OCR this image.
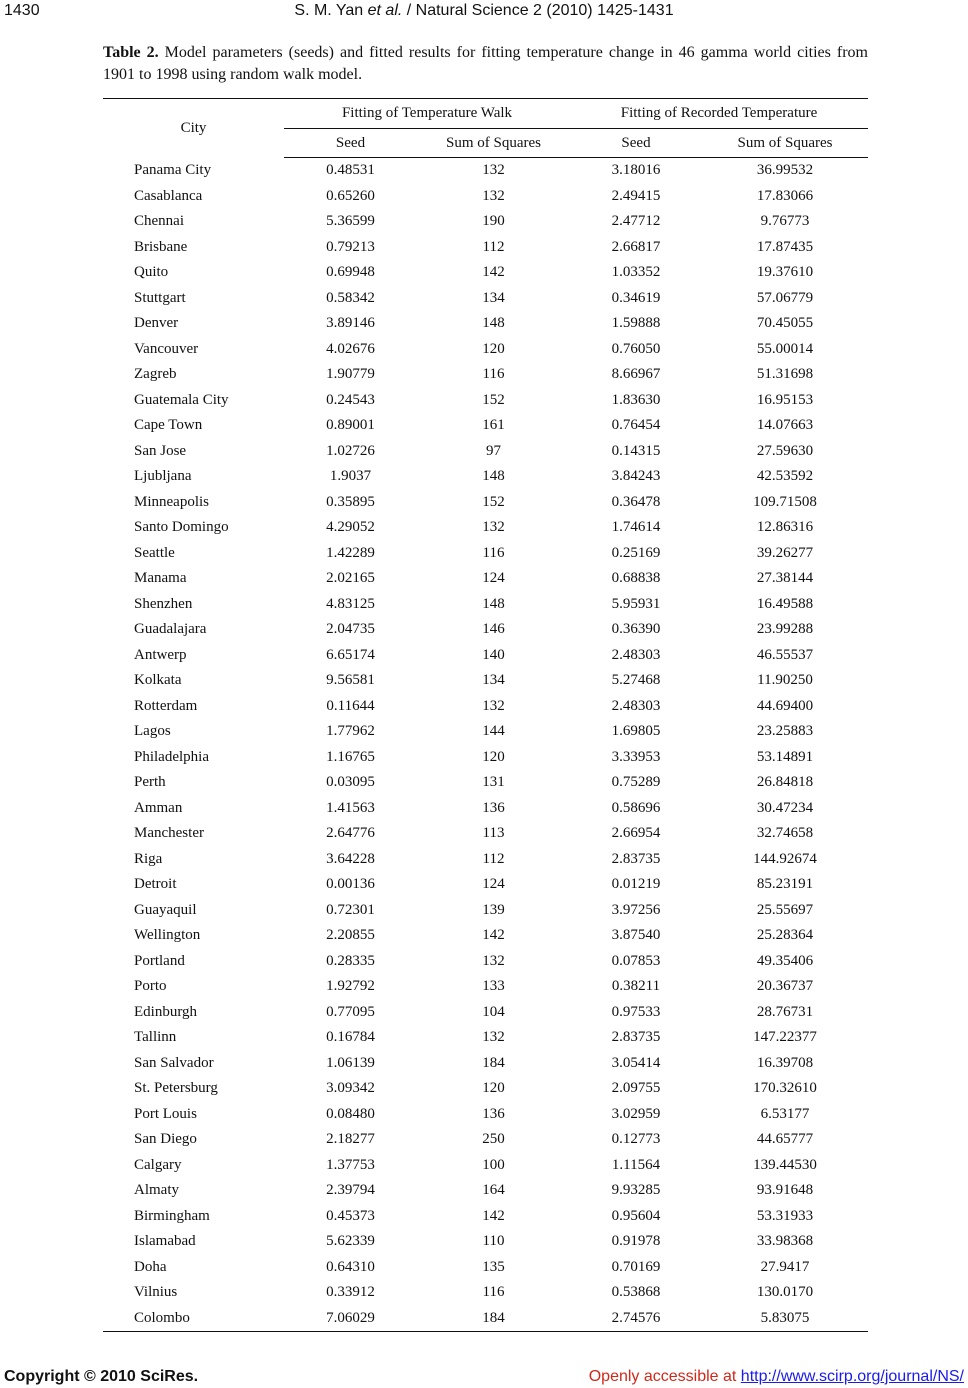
1430	S. M. Yan et al. / Natural Science 2 (2010) 1425-1431
Table 2. Model parameters (seeds) and fitted results for fitting temperature change in 46 gamma world cities from 1901 to 1998 using random walk model.
City	Fitting of Temperature Walk		Fitting of Recorded Temperature	
	Seed	Sum of Squares	Seed	Sum of Squares
Panama City	0.48531	132	3.18016	36.99532
Casablanca	0.65260	132	2.49415	17.83066
Chennai	5.36599	190	2.47712	9.76773
Brisbane	0.79213	112	2.66817	17.87435
Quito	0.69948	142	1.03352	19.37610
Stuttgart	0.58342	134	0.34619	57.06779
Denver	3.89146	148	1.59888	70.45055
Vancouver	4.02676	120	0.76050	55.00014
Zagreb	1.90779	116	8.66967	51.31698
Guatemala City	0.24543	152	1.83630	16.95153
Cape Town	0.89001	161	0.76454	14.07663
San Jose	1.02726	97	0.14315	27.59630
Ljubljana	1.9037	148	3.84243	42.53592
Minneapolis	0.35895	152	0.36478	109.71508
Santo Domingo	4.29052	132	1.74614	12.86316
Seattle	1.42289	116	0.25169	39.26277
Manama	2.02165	124	0.68838	27.38144
Shenzhen	4.83125	148	5.95931	16.49588
Guadalajara	2.04735	146	0.36390	23.99288
Antwerp	6.65174	140	2.48303	46.55537
Kolkata	9.56581	134	5.27468	11.90250
Rotterdam	0.11644	132	2.48303	44.69400
Lagos	1.77962	144	1.69805	23.25883
Philadelphia	1.16765	120	3.33953	53.14891
Perth	0.03095	131	0.75289	26.84818
Amman	1.41563	136	0.58696	30.47234
Manchester	2.64776	113	2.66954	32.74658
Riga	3.64228	112	2.83735	144.92674
Detroit	0.00136	124	0.01219	85.23191
Guayaquil	0.72301	139	3.97256	25.55697
Wellington	2.20855	142	3.87540	25.28364
Portland	0.28335	132	0.07853	49.35406
Porto	1.92792	133	0.38211	20.36737
Edinburgh	0.77095	104	0.97533	28.76731
Tallinn	0.16784	132	2.83735	147.22377
San Salvador	1.06139	184	3.05414	16.39708
St. Petersburg	3.09342	120	2.09755	170.32610
Port Louis	0.08480	136	3.02959	6.53177
San Diego	2.18277	250	0.12773	44.65777
Calgary	1.37753	100	1.11564	139.44530
Almaty	2.39794	164	9.93285	93.91648
Birmingham	0.45373	142	0.95604	53.31933
Islamabad	5.62339	110	0.91978	33.98368
Doha	0.64310	135	0.70169	27.9417
Vilnius	0.33912	116	0.53868	130.0170
Colombo	7.06029	184	2.74576	5.83075
Copyright © 2010 SciRes.	Openly accessible at http://www.scirp.org/journal/NS/
